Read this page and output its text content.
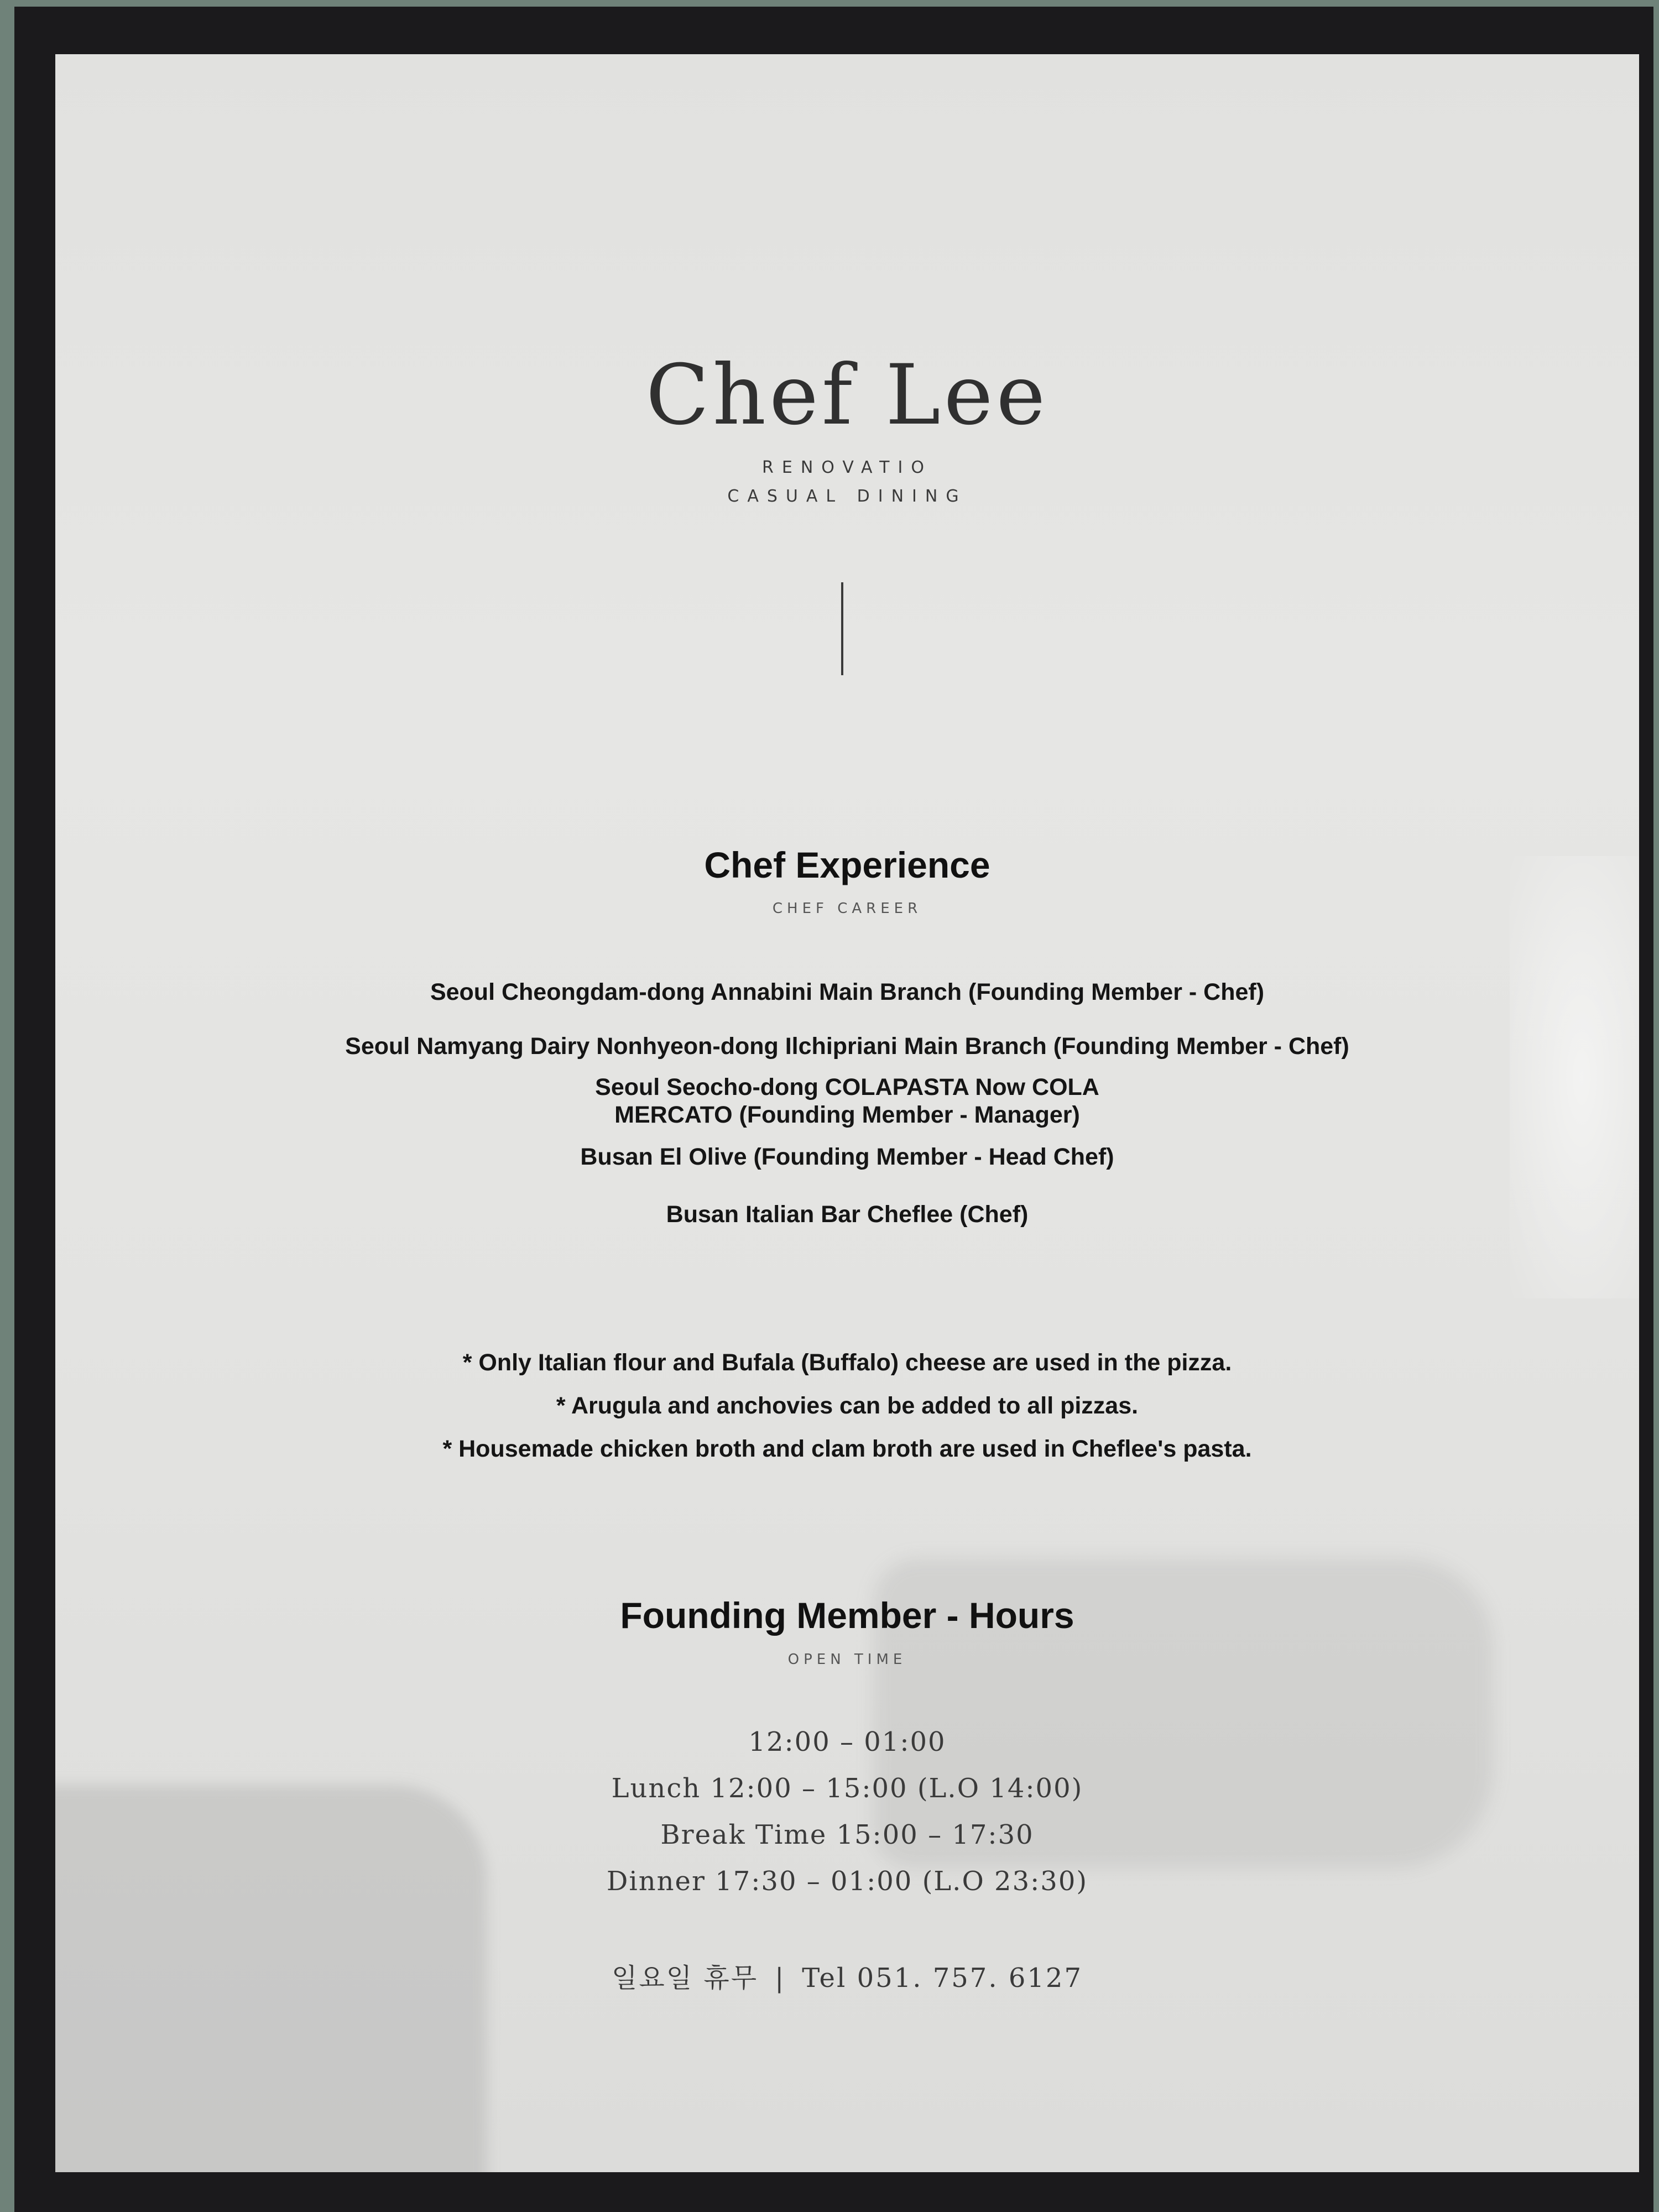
Chef Lee
RENOVATIO
CASUAL DINING
Chef Experience
CHEF CAREER
Seoul Cheongdam-dong Annabini Main Branch (Founding Member - Chef)
Seoul Namyang Dairy Nonhyeon-dong Ilchipriani Main Branch (Founding Member - Chef)
Seoul Seocho-dong COLAPASTA Now COLA
MERCATO (Founding Member - Manager)
Busan El Olive (Founding Member - Head Chef)
Busan Italian Bar Cheflee (Chef)
* Only Italian flour and Bufala (Buffalo) cheese are used in the pizza.
* Arugula and anchovies can be added to all pizzas.
* Housemade chicken broth and clam broth are used in Cheflee's pasta.
Founding Member - Hours
OPEN TIME
12:00 – 01:00
Lunch 12:00 – 15:00 (L.O 14:00)
Break Time 15:00 – 17:30
Dinner 17:30 – 01:00 (L.O 23:30)
일요일 휴무 | Tel 051. 757. 6127
